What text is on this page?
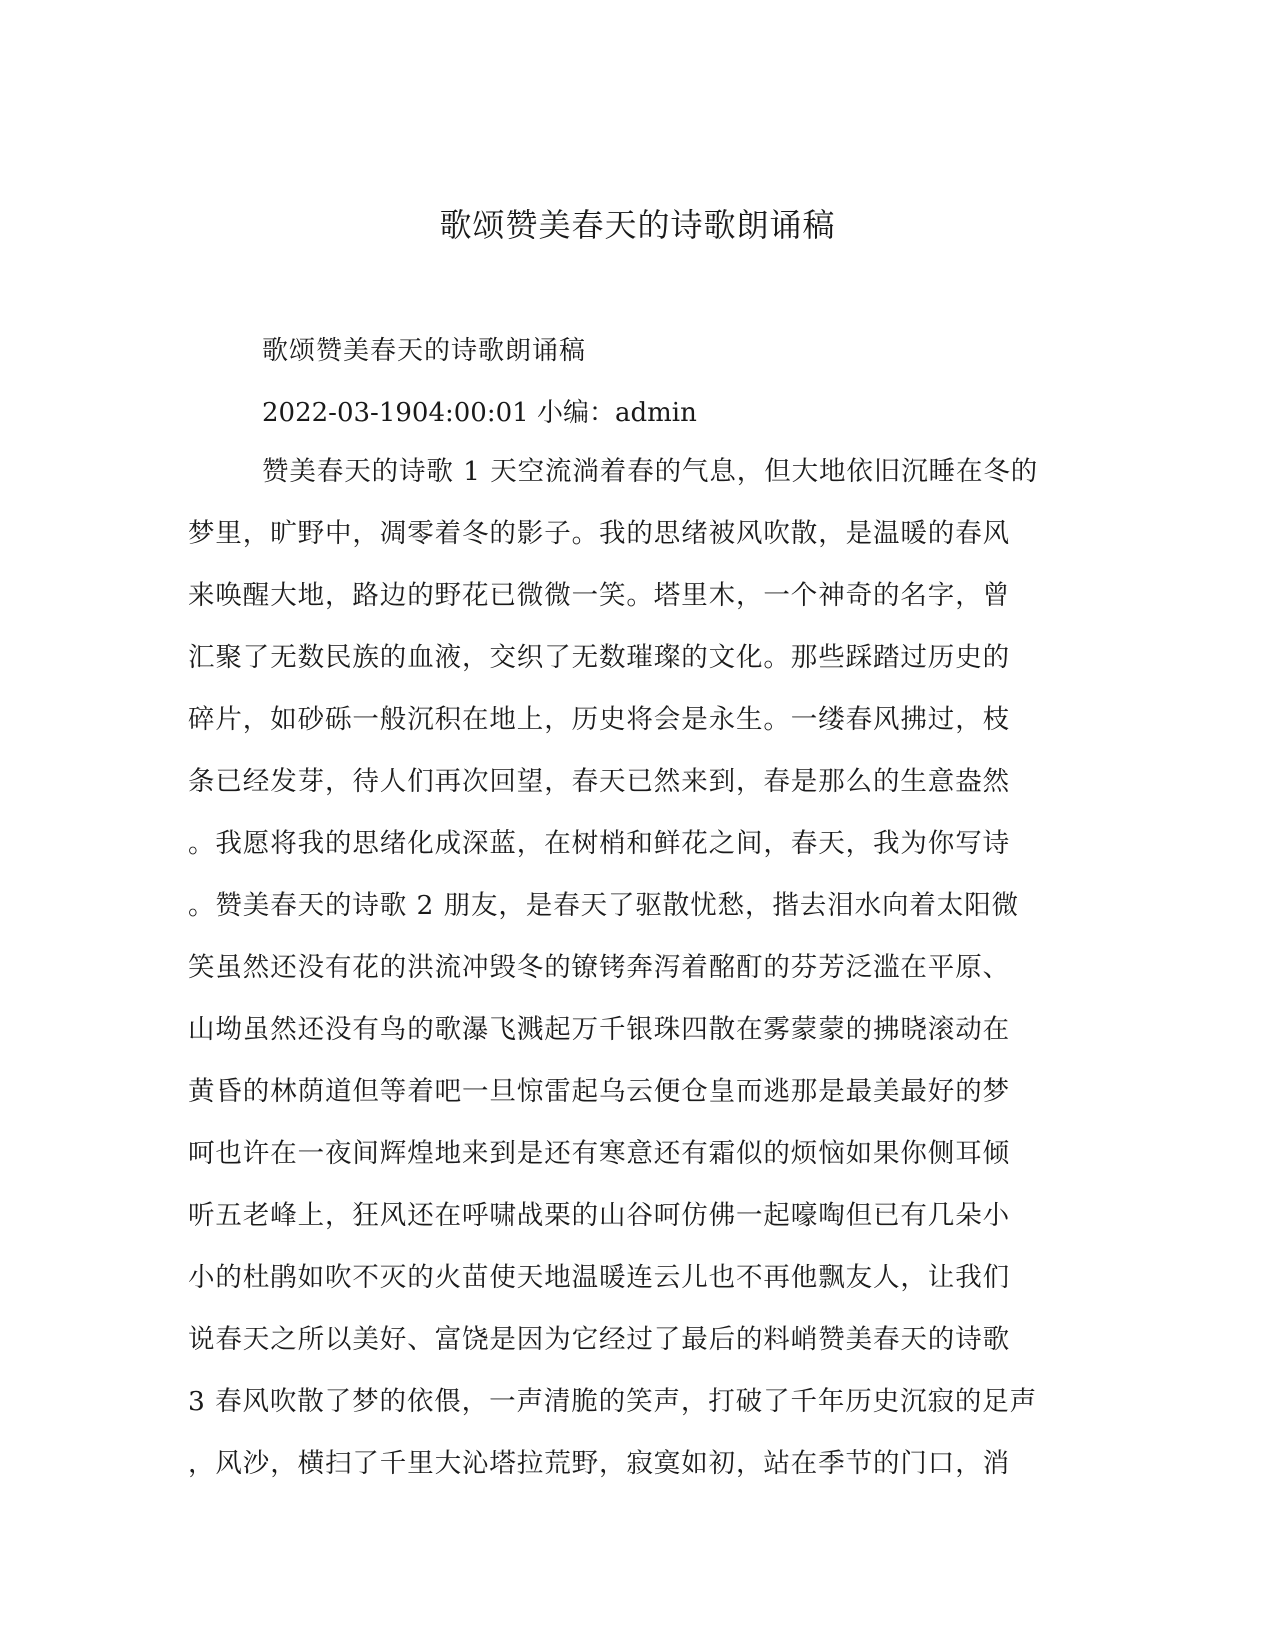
歌颂赞美春天的诗歌朗诵稿
歌颂赞美春天的诗歌朗诵稿
2022-03-1904:00:01 小编：admin
赞美春天的诗歌 1 天空流淌着春的气息，但大地依旧沉睡在冬的
梦里，旷野中，凋零着冬的影子。我的思绪被风吹散，是温暖的春风
来唤醒大地，路边的野花已微微一笑。塔里木，一个神奇的名字，曾
汇聚了无数民族的血液，交织了无数璀璨的文化。那些踩踏过历史的
碎片，如砂砾一般沉积在地上，历史将会是永生。一缕春风拂过，枝
条已经发芽，待人们再次回望，春天已然来到，春是那么的生意盎然
。我愿将我的思绪化成深蓝，在树梢和鲜花之间，春天，我为你写诗
。赞美春天的诗歌 2 朋友，是春天了驱散忧愁，揩去泪水向着太阳微
笑虽然还没有花的洪流冲毁冬的镣铐奔泻着酩酊的芬芳泛滥在平原、
山坳虽然还没有鸟的歌瀑飞溅起万千银珠四散在雾蒙蒙的拂晓滚动在
黄昏的林荫道但等着吧一旦惊雷起乌云便仓皇而逃那是最美最好的梦
呵也许在一夜间辉煌地来到是还有寒意还有霜似的烦恼如果你侧耳倾
听五老峰上，狂风还在呼啸战栗的山谷呵仿佛一起嚎啕但已有几朵小
小的杜鹃如吹不灭的火苗使天地温暖连云儿也不再他飘友人，让我们
说春天之所以美好、富饶是因为它经过了最后的料峭赞美春天的诗歌
3 春风吹散了梦的依偎，一声清脆的笑声，打破了千年历史沉寂的足声
，风沙，横扫了千里大沁塔拉荒野，寂寞如初，站在季节的门口，消
